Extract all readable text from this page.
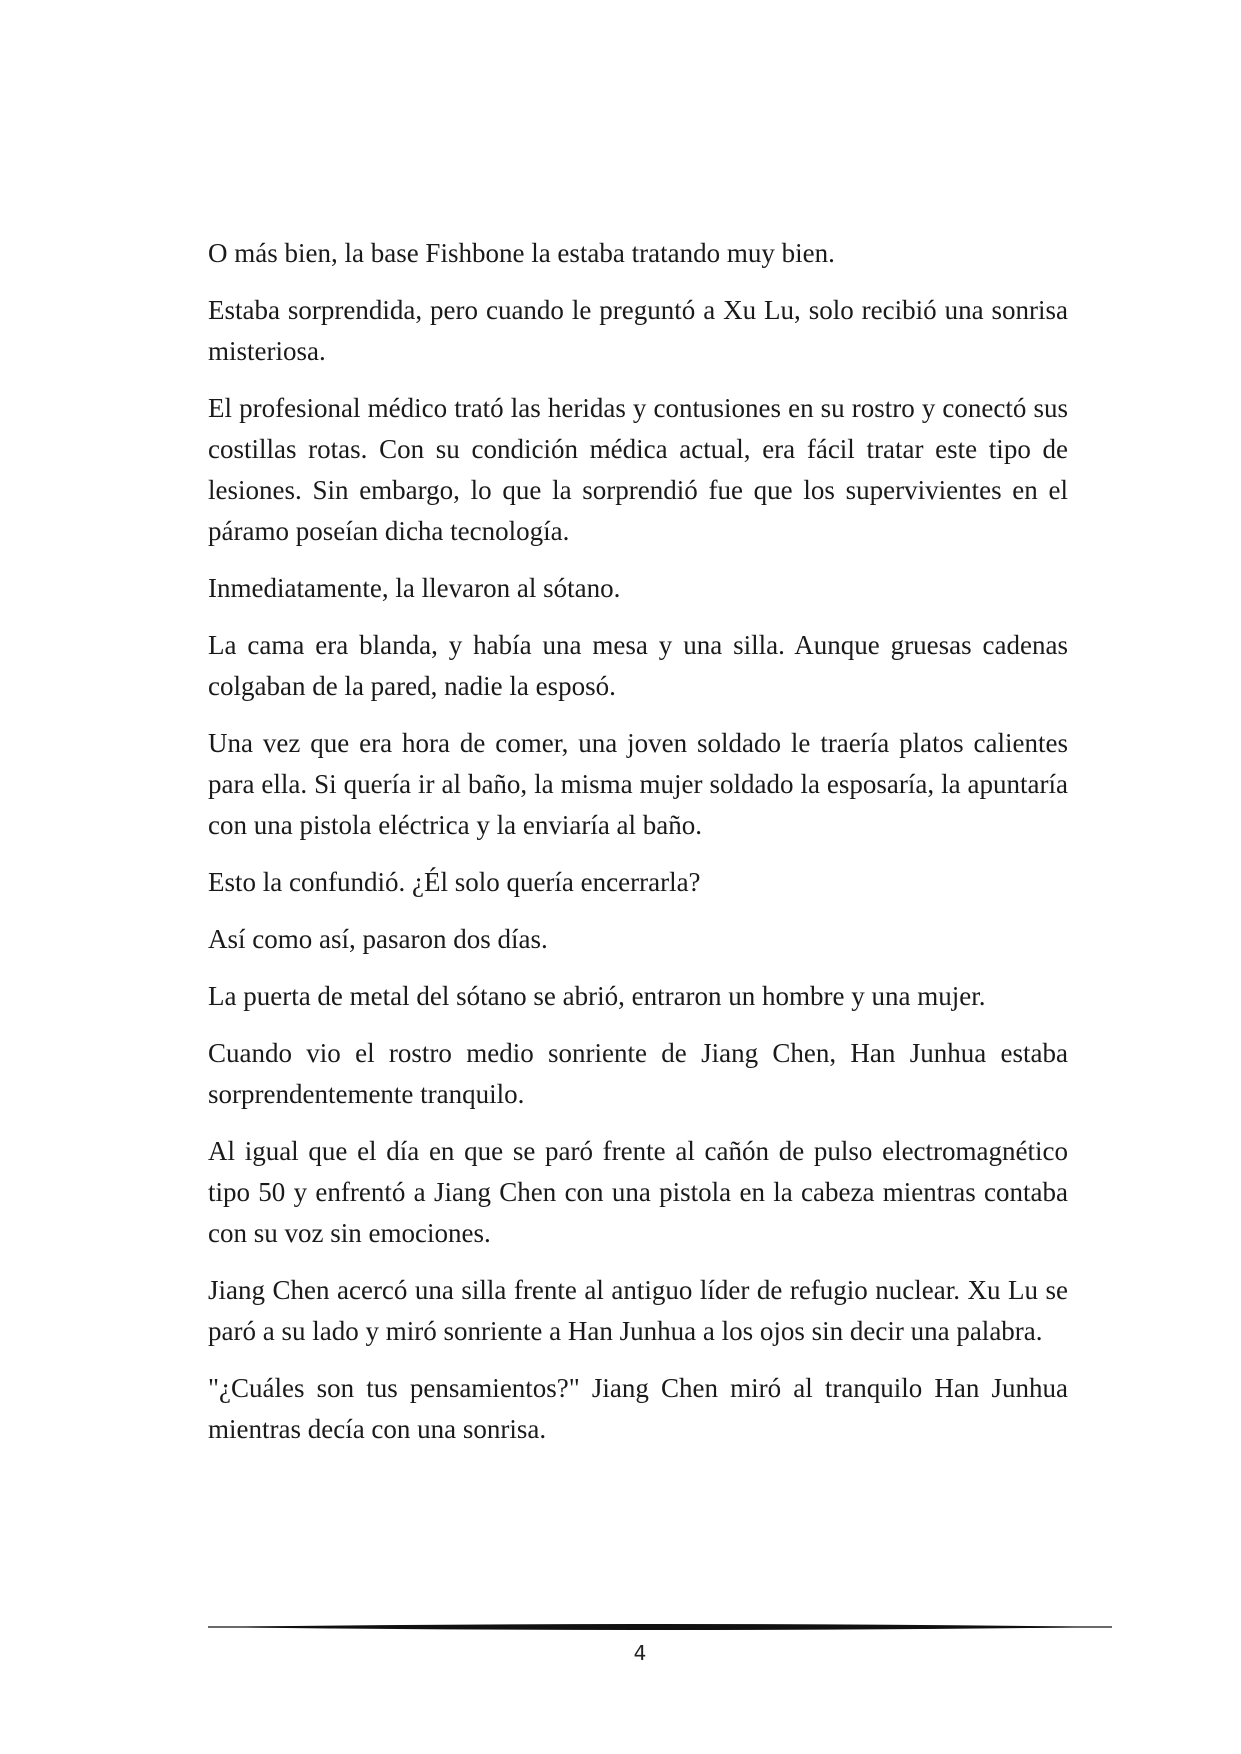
O más bien, la base Fishbone la estaba tratando muy bien.

Estaba sorprendida, pero cuando le preguntó a Xu Lu, solo recibió una sonrisa misteriosa.

El profesional médico trató las heridas y contusiones en su rostro y conectó sus costillas rotas. Con su condición médica actual, era fácil tratar este tipo de lesiones. Sin embargo, lo que la sorprendió fue que los supervivientes en el páramo poseían dicha tecnología.

Inmediatamente, la llevaron al sótano.

La cama era blanda, y había una mesa y una silla. Aunque gruesas cadenas colgaban de la pared, nadie la esposó.

Una vez que era hora de comer, una joven soldado le traería platos calientes para ella. Si quería ir al baño, la misma mujer soldado la esposaría, la apuntaría con una pistola eléctrica y la enviaría al baño.

Esto la confundió. ¿Él solo quería encerrarla?

Así como así, pasaron dos días.

La puerta de metal del sótano se abrió, entraron un hombre y una mujer.

Cuando vio el rostro medio sonriente de Jiang Chen, Han Junhua estaba sorprendentemente tranquilo.

Al igual que el día en que se paró frente al cañón de pulso electromagnético tipo 50 y enfrentó a Jiang Chen con una pistola en la cabeza mientras contaba con su voz sin emociones.

Jiang Chen acercó una silla frente al antiguo líder de refugio nuclear. Xu Lu se paró a su lado y miró sonriente a Han Junhua a los ojos sin decir una palabra.

"¿Cuáles son tus pensamientos?" Jiang Chen miró al tranquilo Han Junhua mientras decía con una sonrisa.

4
